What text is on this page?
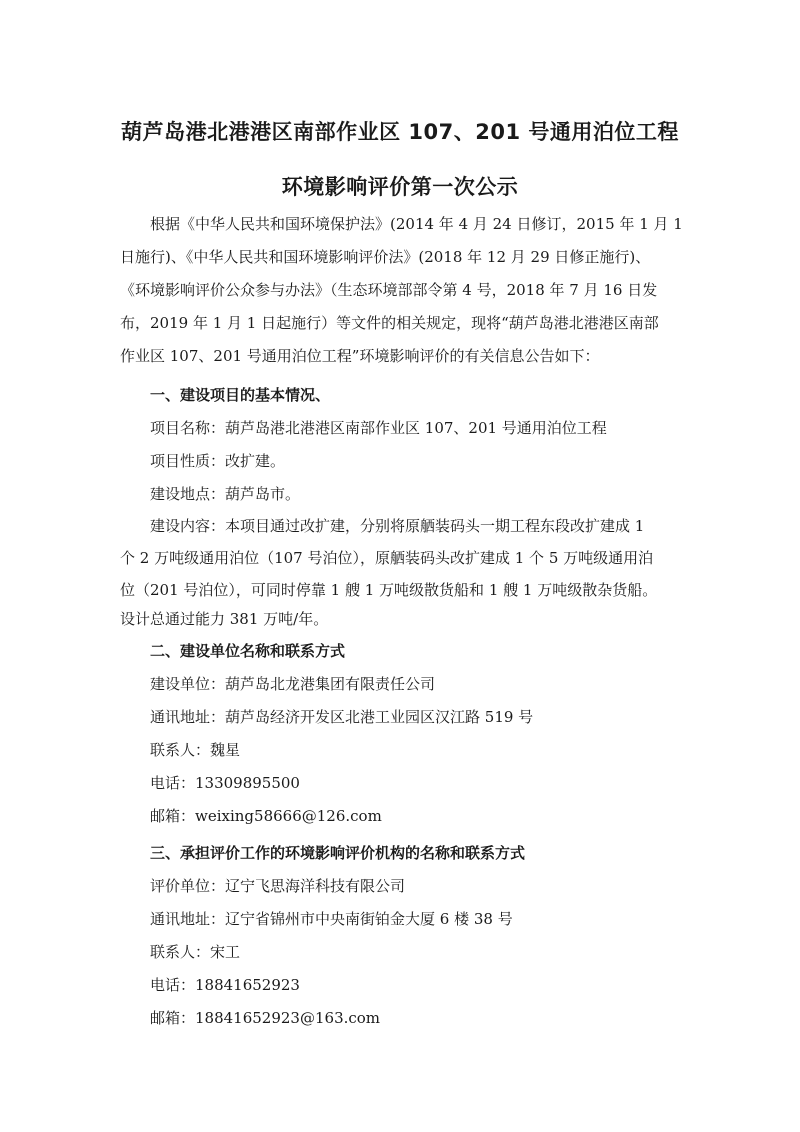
葫芦岛港北港港区南部作业区 107、201 号通用泊位工程
环境影响评价第一次公示

根据《中华人民共和国环境保护法》(2014 年 4 月 24 日修订，2015 年 1 月 1

日施行)、《中华人民共和国环境影响评价法》(2018 年 12 月 29 日修正施行)、

《环境影响评价公众参与办法》（生态环境部部令第 4 号，2018 年 7 月 16 日发

布，2019 年 1 月 1 日起施行）等文件的相关规定，现将“葫芦岛港北港港区南部

作业区 107、201 号通用泊位工程”环境影响评价的有关信息公告如下：

一、建设项目的基本情况、

项目名称：葫芦岛港北港港区南部作业区 107、201 号通用泊位工程

项目性质：改扩建。

建设地点：葫芦岛市。

建设内容：本项目通过改扩建，分别将原舾装码头一期工程东段改扩建成 1

个 2 万吨级通用泊位（107 号泊位），原舾装码头改扩建成 1 个 5 万吨级通用泊

位（201 号泊位），可同时停靠 1 艘 1 万吨级散货船和 1 艘 1 万吨级散杂货船。

设计总通过能力 381 万吨/年。

二、建设单位名称和联系方式

建设单位：葫芦岛北龙港集团有限责任公司

通讯地址：葫芦岛经济开发区北港工业园区汉江路 519 号

联系人：魏星

电话：13309895500

邮箱：weixing58666@126.com

三、承担评价工作的环境影响评价机构的名称和联系方式

评价单位：辽宁飞思海洋科技有限公司

通讯地址：辽宁省锦州市中央南街铂金大厦 6 楼 38 号

联系人：宋工

电话：18841652923

邮箱：18841652923@163.com
